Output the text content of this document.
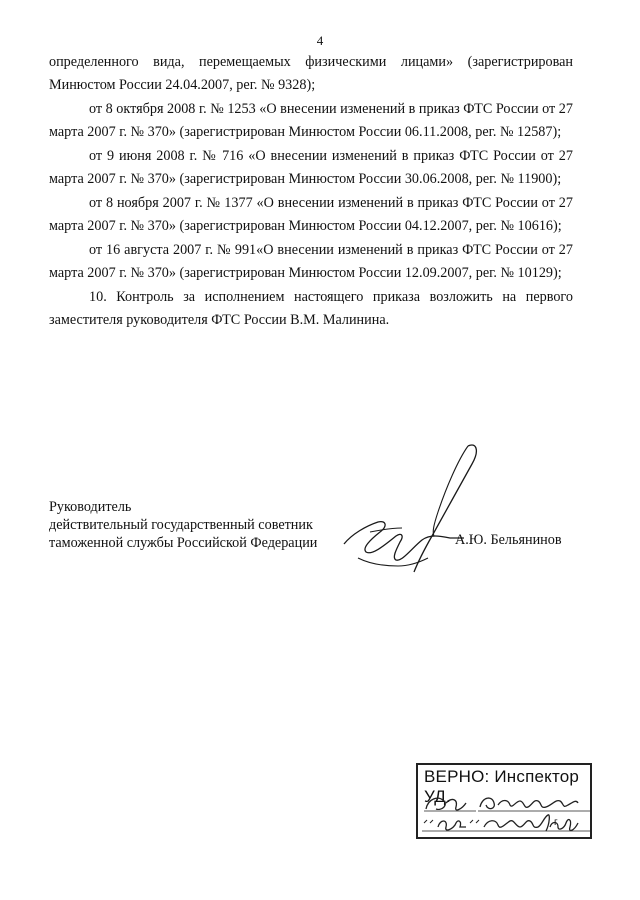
4

определенного вида, перемещаемых физическими лицами» (зарегистрирован Минюстом России 24.04.2007, рег. № 9328);

от 8 октября 2008 г. № 1253 «О внесении изменений в приказ ФТС России от 27 марта 2007 г. № 370» (зарегистрирован Минюстом России 06.11.2008, рег. № 12587);

от 9 июня 2008 г. № 716 «О внесении изменений в приказ ФТС России от 27 марта 2007 г. № 370» (зарегистрирован Минюстом России 30.06.2008, рег. № 11900);

от 8 ноября 2007 г. № 1377 «О внесении изменений в приказ ФТС России от 27 марта 2007 г. № 370» (зарегистрирован Минюстом России 04.12.2007, рег. № 10616);

от 16 августа 2007 г. № 991«О внесении изменений в приказ ФТС России от 27 марта 2007 г. № 370» (зарегистрирован Минюстом России 12.09.2007, рег. № 10129);

10. Контроль за исполнением настоящего приказа возложить на первого заместителя руководителя ФТС России В.М. Малинина.

Руководитель
действительный государственный советник
таможенной службы Российской Федерации	А.Ю. Бельянинов
ВЕРНО: Инспектор УД.
г
